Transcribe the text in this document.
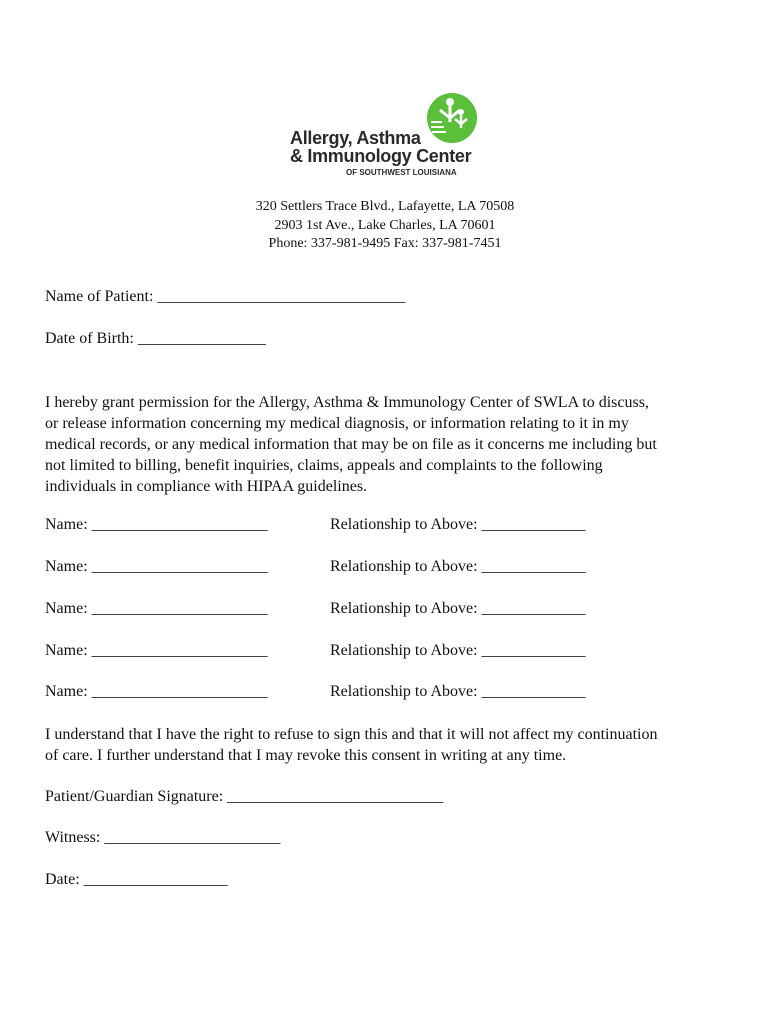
Allergy, Asthma
& Immunology Center
OF SOUTHWEST LOUISIANA
320 Settlers Trace Blvd., Lafayette, LA 70508
2903 1st Ave., Lake Charles, LA 70601
Phone: 337-981-9495 Fax: 337-981-7451
Name of Patient: _______________________________
Date of Birth: ________________
I hereby grant permission for the Allergy, Asthma & Immunology Center of SWLA to discuss,
or release information concerning my medical diagnosis, or information relating to it in my
medical records, or any medical information that may be on file as it concerns me including but
not limited to billing, benefit inquiries, claims, appeals and complaints to the following
individuals in compliance with HIPAA guidelines.
Name: ______________________	Relationship to Above: _____________
Name: ______________________	Relationship to Above: _____________
Name: ______________________	Relationship to Above: _____________
Name: ______________________	Relationship to Above: _____________
Name: ______________________	Relationship to Above: _____________
I understand that I have the right to refuse to sign this and that it will not affect my continuation
of care. I further understand that I may revoke this consent in writing at any time.
Patient/Guardian Signature: ___________________________
Witness: ______________________
Date: __________________
